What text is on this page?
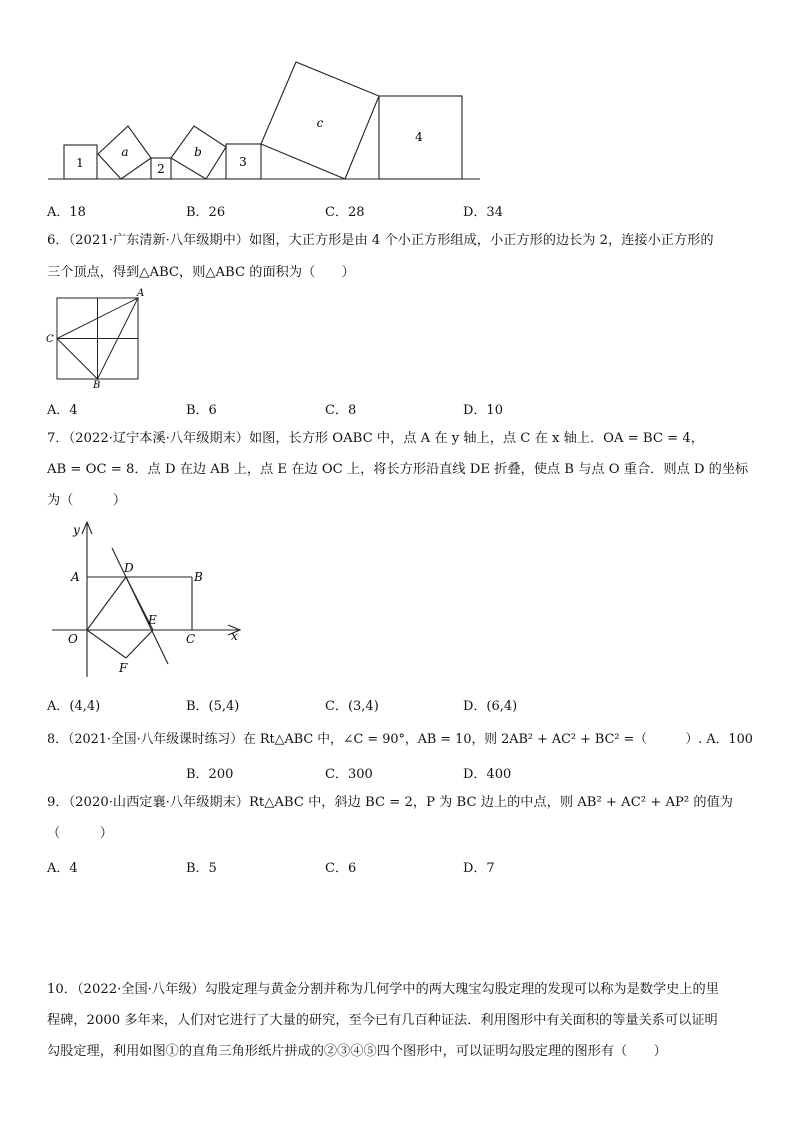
1
a
2
b
3
c
4
A．18	B．26	C．28	D．34
6．（2021·广东清新·八年级期中）如图，大正方形是由 4 个小正方形组成，小正方形的边长为 2，连接小正方形的
三个顶点，得到△ABC，则△ABC 的面积为（　　）
A
C
B
A．4	B．6	C．8	D．10
7．（2022·辽宁本溪·八年级期末）如图，长方形 OABC 中，点 A 在 y 轴上，点 C 在 x 轴上．OA = BC = 4，
AB = OC = 8．点 D 在边 AB 上，点 E 在边 OC 上，将长方形沿直线 DE 折叠，使点 B 与点 O 重合．则点 D 的坐标
为（　　　）
y
x
A
D
B
O
E
C
F
A．(4,4)	B．(5,4)	C．(3,4)	D．(6,4)
8．（2021·全国·八年级课时练习）在 Rt△ABC 中，∠C = 90°，AB = 10，则 2AB² + AC² + BC² =（　　　）. A．100
B．200	C．300	D．400
9．（2020·山西定襄·八年级期末）Rt△ABC 中，斜边 BC = 2，P 为 BC 边上的中点，则 AB² + AC² + AP² 的值为
（　　　）
A．4	B．5	C．6	D．7
10．（2022·全国·八年级）勾股定理与黄金分割并称为几何学中的两大瑰宝勾股定理的发现可以称为是数学史上的里
程碑，2000 多年来，人们对它进行了大量的研究，至今已有几百种证法．利用图形中有关面积的等量关系可以证明
勾股定理，利用如图①的直角三角形纸片拼成的②③④⑤四个图形中，可以证明勾股定理的图形有（　　）
